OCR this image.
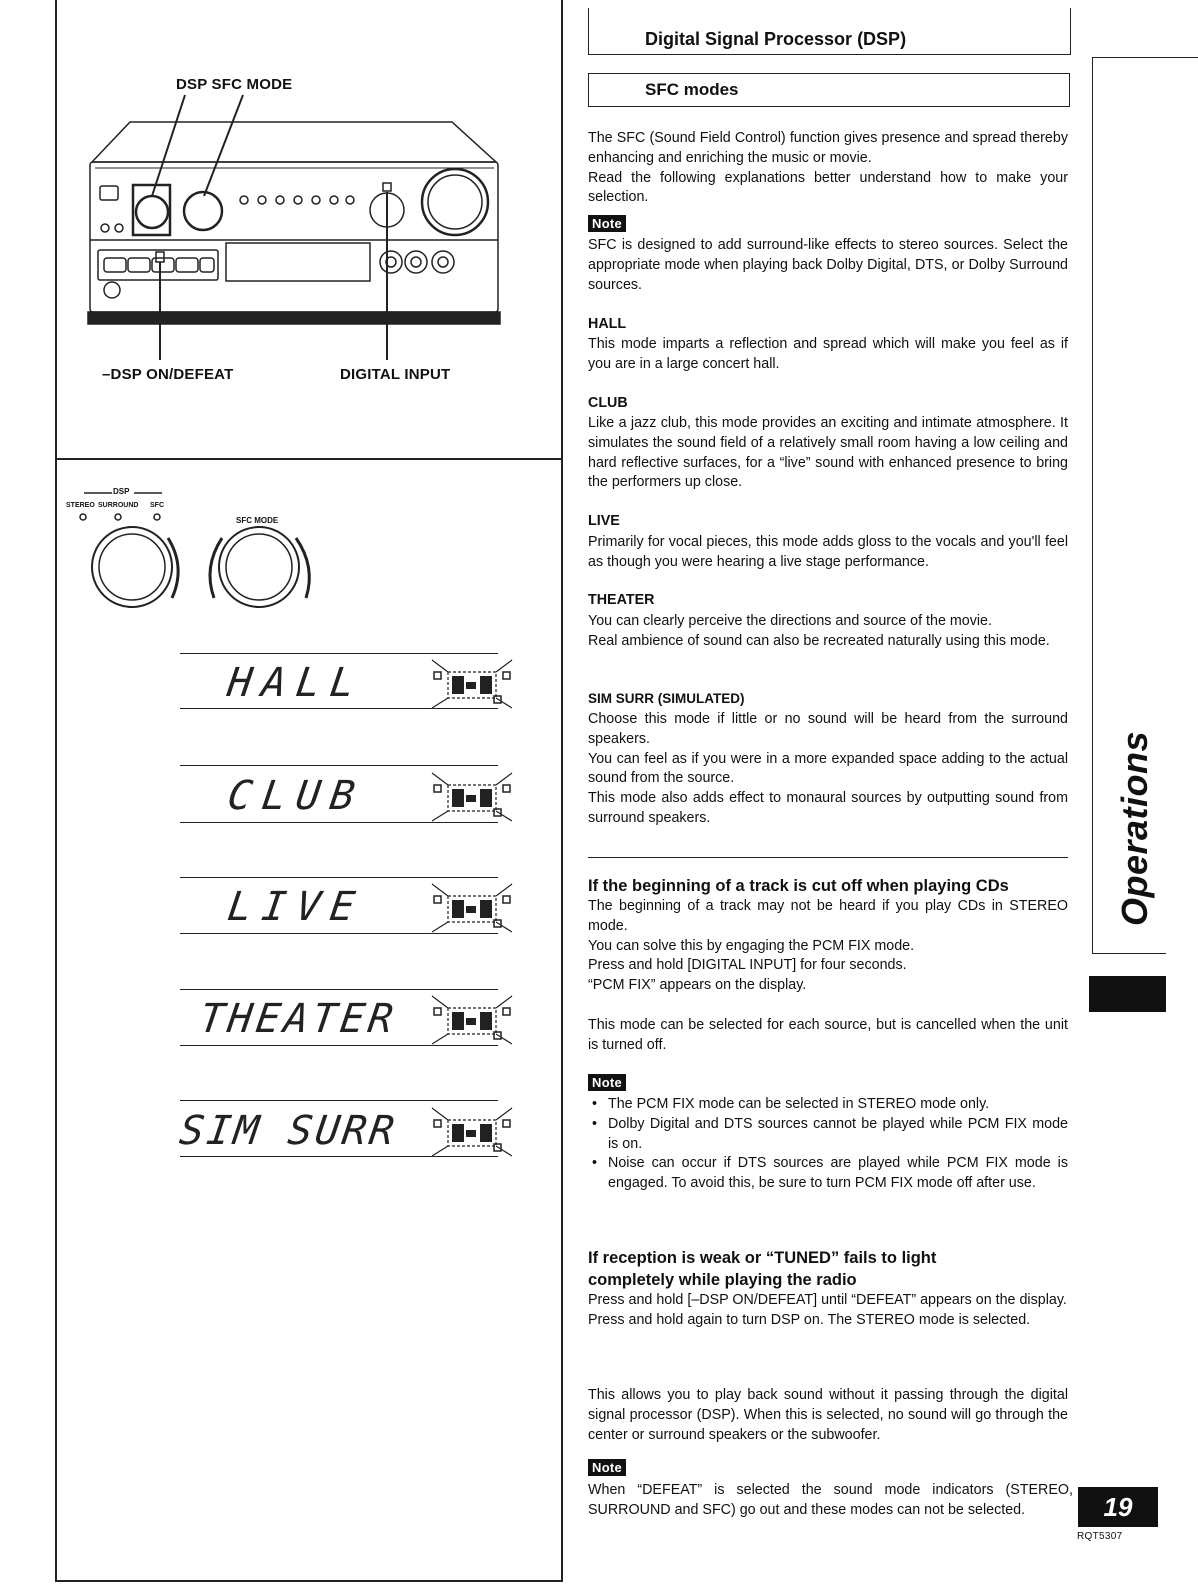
DSP SFC MODE
–DSP ON/DEFEAT	DIGITAL INPUT
DSP
STEREO SURROUND SFC
SFC MODE
HALL
CLUB
LIVE
THEATER
SIM SURR
Digital Signal Processor (DSP)
SFC modes

The SFC (Sound Field Control) function gives presence and spread thereby enhancing and enriching the music or movie.

Read the following explanations better understand how to make your selection.

Note

SFC is designed to add surround-like effects to stereo sources. Select the appropriate mode when playing back Dolby Digital, DTS, or Dolby Surround sources.

HALL

This mode imparts a reflection and spread which will make you feel as if you are in a large concert hall.

CLUB

Like a jazz club, this mode provides an exciting and intimate atmosphere. It simulates the sound field of a relatively small room having a low ceiling and hard reflective surfaces, for a “live” sound with enhanced presence to bring the performers up close.

LIVE

Primarily for vocal pieces, this mode adds gloss to the vocals and you'll feel as though you were hearing a live stage performance.

THEATER

You can clearly perceive the directions and source of the movie.

Real ambience of sound can also be recreated naturally using this mode.

SIM SURR (SIMULATED)

Choose this mode if little or no sound will be heard from the surround speakers.

You can feel as if you were in a more expanded space adding to the actual sound from the source.

This mode also adds effect to monaural sources by outputting sound from surround speakers.

If the beginning of a track is cut off when playing CDs

The beginning of a track may not be heard if you play CDs in STEREO mode.

You can solve this by engaging the PCM FIX mode.

Press and hold [DIGITAL INPUT] for four seconds.

“PCM FIX” appears on the display.

This mode can be selected for each source, but is cancelled when the unit is turned off.

Note
• The PCM FIX mode can be selected in STEREO mode only.
• Dolby Digital and DTS sources cannot be played while PCM FIX mode is on.
• Noise can occur if DTS sources are played while PCM FIX mode is engaged. To avoid this, be sure to turn PCM FIX mode off after use.
If reception is weak or “TUNED” fails to light
completely while playing the radio

Press and hold [–DSP ON/DEFEAT] until “DEFEAT” appears on the display.

Press and hold again to turn DSP on. The STEREO mode is selected.

This allows you to play back sound without it passing through the digital signal processor (DSP). When this is selected, no sound will go through the center or surround speakers or the subwoofer.

Note

When “DEFEAT” is selected the sound mode indicators (STEREO, SURROUND and SFC) go out and these modes can not be selected.

Operations
19
RQT5307
